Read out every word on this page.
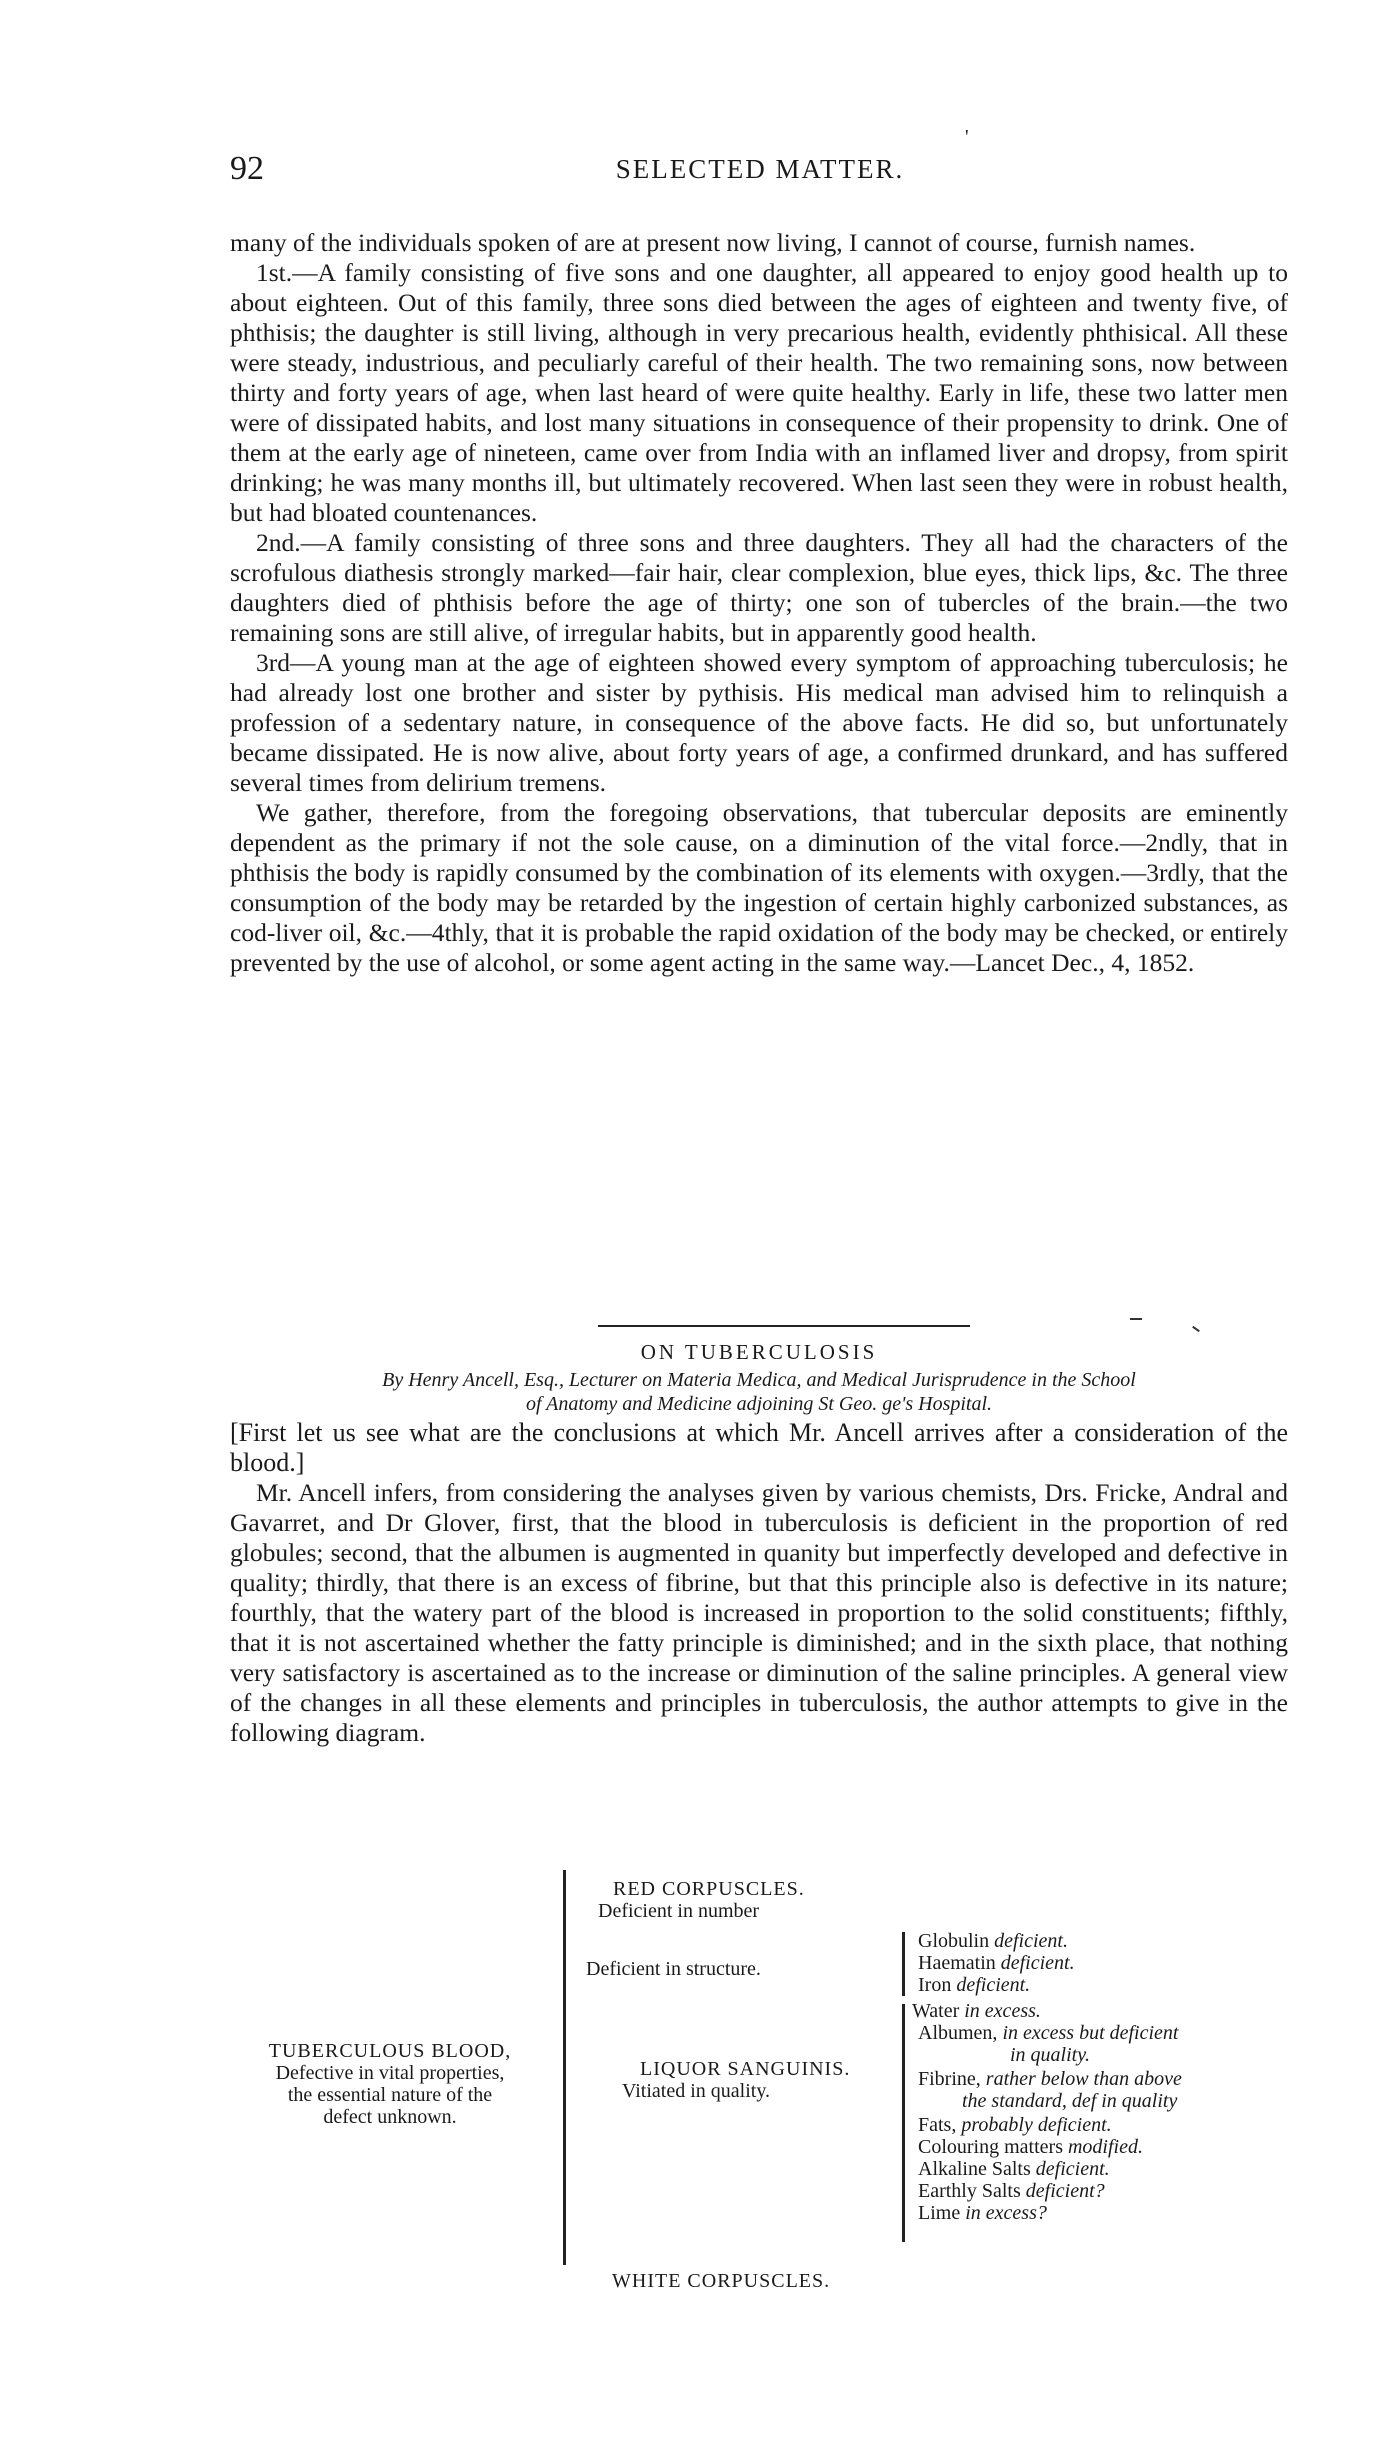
92	SELECTED MATTER.
'

many of the individuals spoken of are at present now living, I cannot of course, furnish names.

1st.—A family consisting of five sons and one daughter, all appeared to enjoy good health up to about eighteen. Out of this family, three sons died between the ages of eighteen and twenty five, of phthisis; the daughter is still living, although in very precarious health, evidently phthisical. All these were steady, industrious, and peculiarly careful of their health. The two remaining sons, now between thirty and forty years of age, when last heard of were quite healthy. Early in life, these two latter men were of dissipated habits, and lost many situations in consequence of their propensity to drink. One of them at the early age of nineteen, came over from India with an inflamed liver and dropsy, from spirit drinking; he was many months ill, but ultimately recovered. When last seen they were in robust health, but had bloated countenances.

2nd.—A family consisting of three sons and three daughters. They all had the characters of the scrofulous diathesis strongly marked—fair hair, clear complexion, blue eyes, thick lips, &c. The three daughters died of phthisis before the age of thirty; one son of tubercles of the brain.—the two remaining sons are still alive, of irregular habits, but in apparently good health.

3rd—A young man at the age of eighteen showed every symptom of approaching tuberculosis; he had already lost one brother and sister by pythisis. His medical man advised him to relinquish a profession of a sedentary nature, in consequence of the above facts. He did so, but unfortunately became dissipated. He is now alive, about forty years of age, a confirmed drunkard, and has suffered several times from delirium tremens.

We gather, therefore, from the foregoing observations, that tubercular deposits are eminently dependent as the primary if not the sole cause, on a diminution of the vital force.—2ndly, that in phthisis the body is rapidly consumed by the combination of its elements with oxygen.—3rdly, that the consumption of the body may be retarded by the ingestion of certain highly carbonized substances, as cod-liver oil, &c.—4thly, that it is probable the rapid oxidation of the body may be checked, or entirely prevented by the use of alcohol, or some agent acting in the same way.—Lancet Dec., 4, 1852.

ON TUBERCULOSIS
By Henry Ancell, Esq., Lecturer on Materia Medica, and Medical Jurisprudence in the School
of Anatomy and Medicine adjoining St Geo. ge's Hospital.

[First let us see what are the conclusions at which Mr. Ancell arrives after a consideration of the blood.]

Mr. Ancell infers, from considering the analyses given by various chemists, Drs. Fricke, Andral and Gavarret, and Dr Glover, first, that the blood in tuberculosis is deficient in the proportion of red globules; second, that the albumen is augmented in quanity but imperfectly developed and defective in quality; thirdly, that there is an excess of fibrine, but that this principle also is defective in its nature; fourthly, that the watery part of the blood is increased in proportion to the solid constituents; fifthly, that it is not ascertained whether the fatty principle is diminished; and in the sixth place, that nothing very satisfactory is ascertained as to the increase or diminution of the saline principles. A general view of the changes in all these elements and principles in tuberculosis, the author attempts to give in the following diagram.

TUBERCULOUS BLOOD,
Defective in vital properties,
the essential nature of the
defect unknown.
RED CORPUSCLES.
Deficient in number
Deficient in structure.
LIQUOR SANGUINIS.
Vitiated in quality.
WHITE CORPUSCLES.
Globulin deficient.
Haematin deficient.
Iron deficient.
Water in excess.
Albumen, in excess but deficient
in quality.
Fibrine, rather below than above
the standard, def in quality
Fats, probably deficient.
Colouring matters modified.
Alkaline Salts deficient.
Earthly Salts deficient?
Lime in excess?
